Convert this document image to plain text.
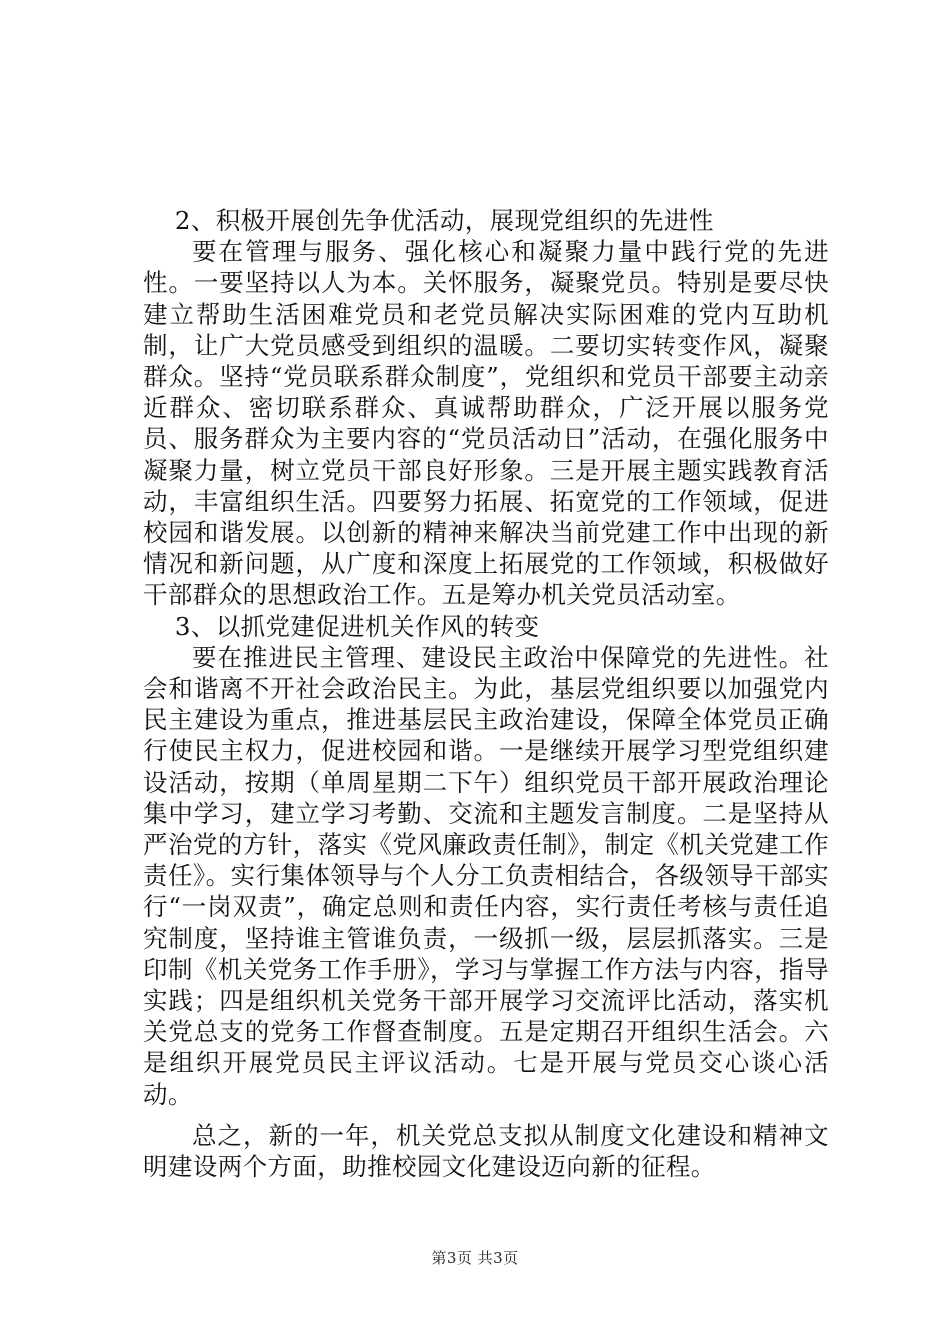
2、积极开展创先争优活动，展现党组织的先进性

要在管理与服务、强化核心和凝聚力量中践行党的先进性。一要坚持以人为本。关怀服务，凝聚党员。特别是要尽快建立帮助生活困难党员和老党员解决实际困难的党内互助机制，让广大党员感受到组织的温暖。二要切实转变作风，凝聚群众。坚持“党员联系群众制度”，党组织和党员干部要主动亲近群众、密切联系群众、真诚帮助群众，广泛开展以服务党员、服务群众为主要内容的“党员活动日”活动，在强化服务中凝聚力量，树立党员干部良好形象。三是开展主题实践教育活动，丰富组织生活。四要努力拓展、拓宽党的工作领域，促进校园和谐发展。以创新的精神来解决当前党建工作中出现的新情况和新问题，从广度和深度上拓展党的工作领域，积极做好干部群众的思想政治工作。五是筹办机关党员活动室。

3、以抓党建促进机关作风的转变

要在推进民主管理、建设民主政治中保障党的先进性。社会和谐离不开社会政治民主。为此，基层党组织要以加强党内民主建设为重点，推进基层民主政治建设，保障全体党员正确行使民主权力，促进校园和谐。一是继续开展学习型党组织建设活动，按期（单周星期二下午）组织党员干部开展政治理论集中学习，建立学习考勤、交流和主题发言制度。二是坚持从严治党的方针，落实《党风廉政责任制》，制定《机关党建工作责任》。实行集体领导与个人分工负责相结合，各级领导干部实行“一岗双责”，确定总则和责任内容，实行责任考核与责任追究制度，坚持谁主管谁负责，一级抓一级，层层抓落实。三是印制《机关党务工作手册》，学习与掌握工作方法与内容，指导实践；四是组织机关党务干部开展学习交流评比活动，落实机关党总支的党务工作督查制度。五是定期召开组织生活会。六是组织开展党员民主评议活动。七是开展与党员交心谈心活动。

总之，新的一年，机关党总支拟从制度文化建设和精神文明建设两个方面，助推校园文化建设迈向新的征程。

第3页 共3页
